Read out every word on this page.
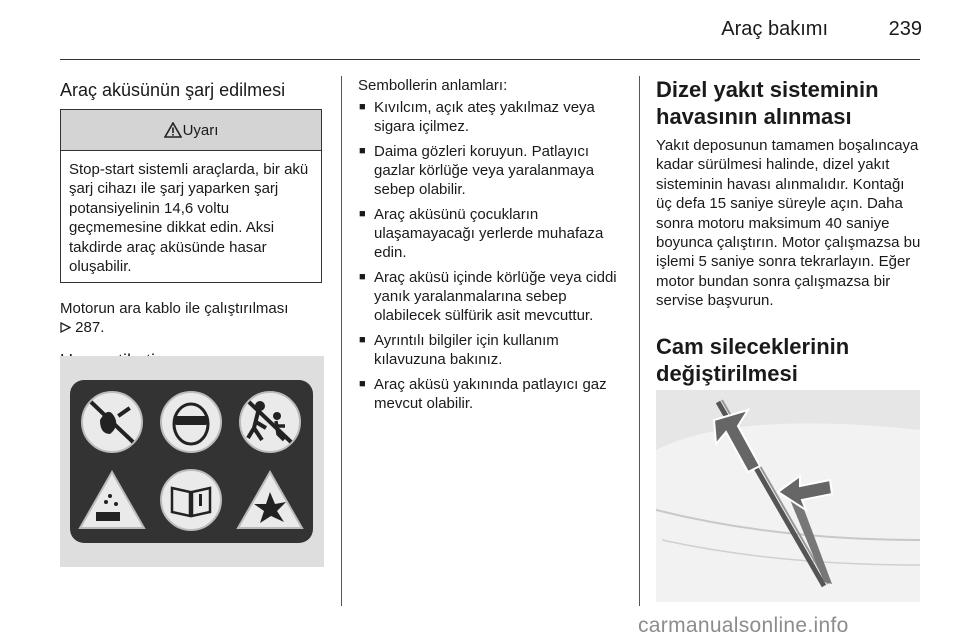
Araç bakımı	239
Araç aküsünün şarj edilmesi
Uyarı
Stop-start sistemli araçlarda, bir akü şarj cihazı ile şarj yaparken şarj potansiyelinin 14,6 voltu geçmemesine dikkat edin. Aksi takdirde araç aküsünde hasar oluşabilir.

Motorun ara kablo ile çalıştırılması

287.

Sembollerin anlamları:

■ Kıvılcım, açık ateş yakılmaz veya sigara içilmez.
■ Daima gözleri koruyun. Patlayıcı gazlar körlüğe veya yaralanmaya sebep olabilir.
■ Araç aküsünü çocukların ulaşamayacağı yerlerde muhafaza edin.
■ Araç aküsü içinde körlüğe veya ciddi yanık yaralanmalarına sebep olabilecek sülfürik asit mevcuttur.
■ Ayrıntılı bilgiler için kullanım kılavuzuna bakınız.
■ Araç aküsü yakınında patlayıcı gaz mevcut olabilir.
Dizel yakıt sisteminin havasının alınması

Yakıt deposunun tamamen boşalıncaya kadar sürülmesi halinde, dizel yakıt sisteminin havası alınmalıdır. Kontağı üç defa 15 saniye süreyle açın. Daha sonra motoru maksimum 40 saniye boyunca çalıştırın. Motor çalışmazsa bu işlemi 5 saniye sonra tekrarlayın. Eğer motor bundan sonra çalışmazsa bir servise başvurun.

Cam sileceklerinin değiştirilmesi
carmanualsonline.info
